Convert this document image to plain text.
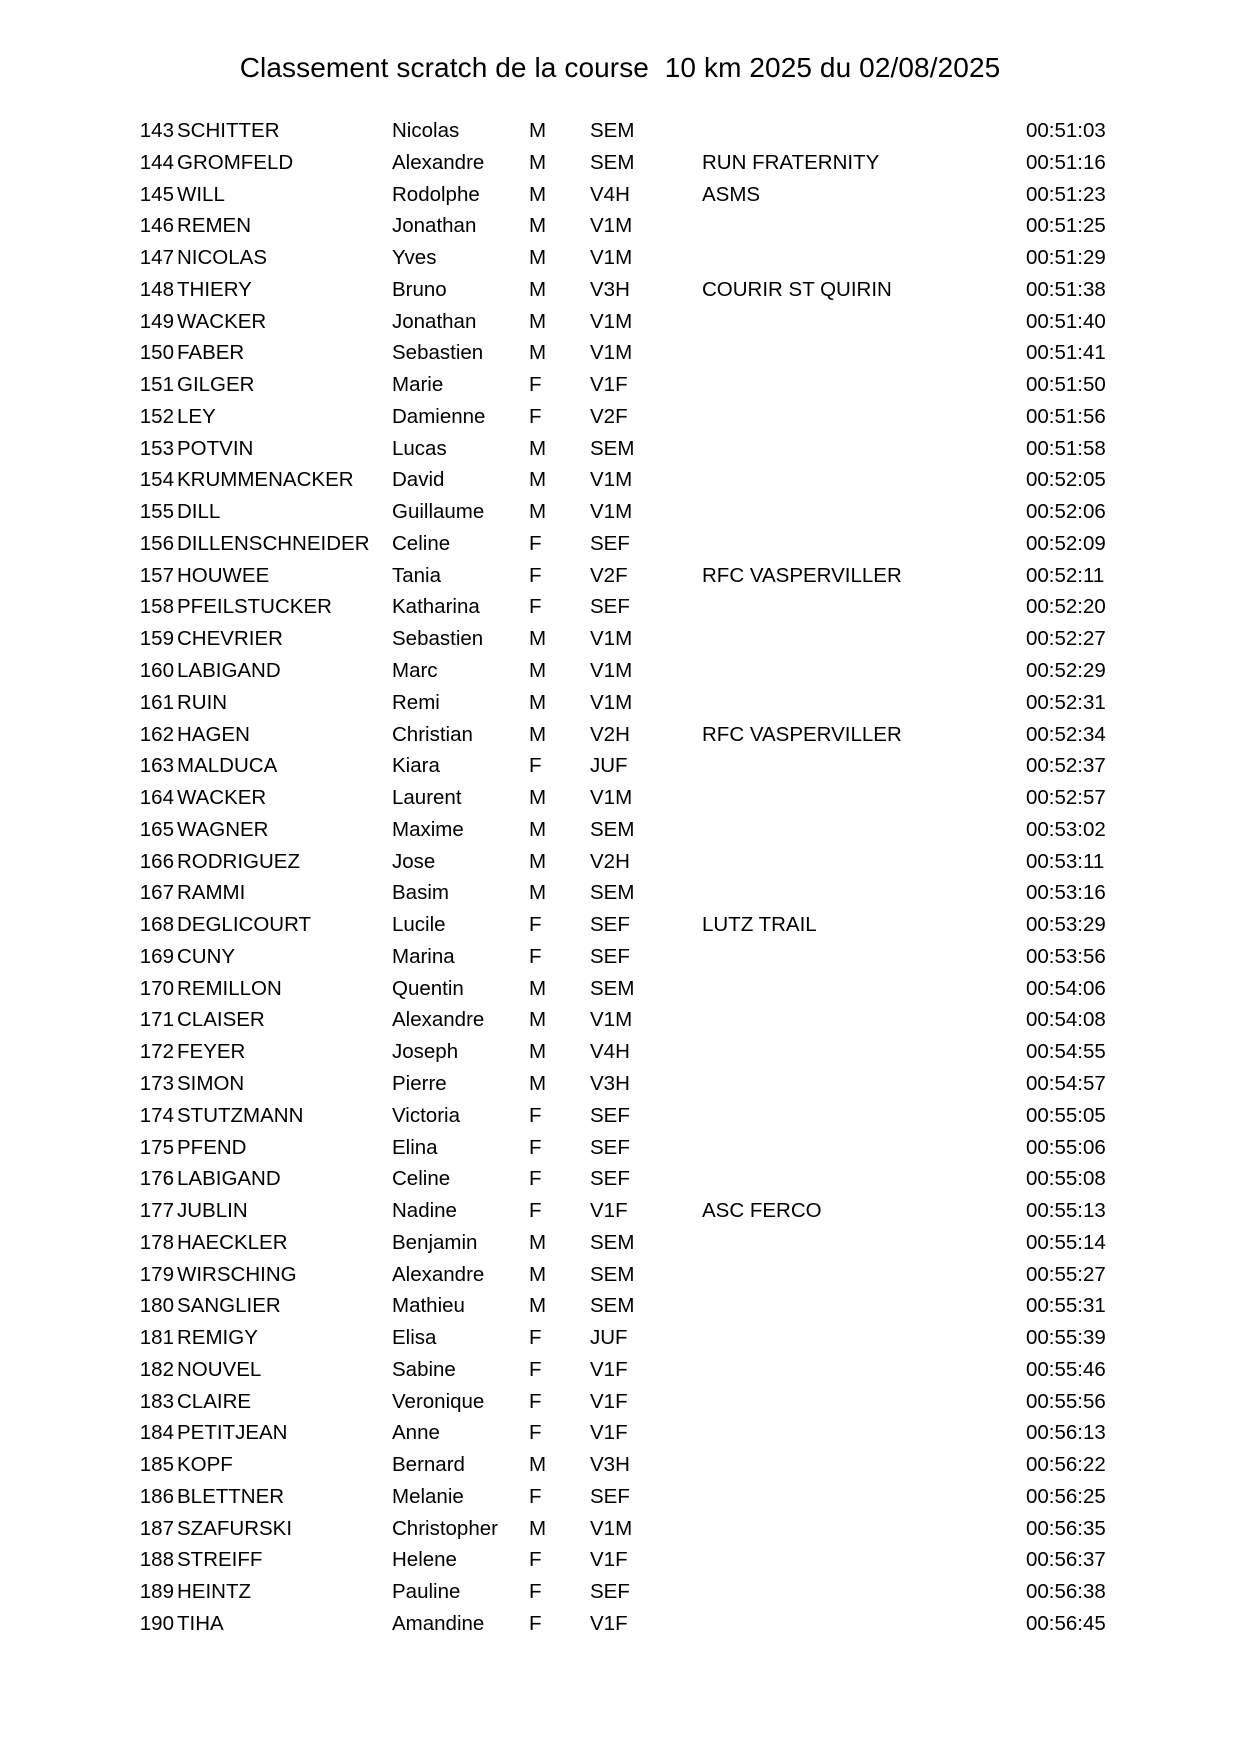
Classement scratch de la course  10 km 2025 du 02/08/2025
143 SCHITTER	Nicolas	M SEM	00:51:03
144 GROMFELD	Alexandre M SEM	RUN FRATERNITY	00:51:16
145 WILL	Rodolphe M V4H	ASMS	00:51:23
146 REMEN	Jonathan	M V1M	00:51:25
147 NICOLAS	Yves	M V1M	00:51:29
148 THIERY	Bruno	M V3H	COURIR ST QUIRIN	00:51:38
149 WACKER	Jonathan	M V1M	00:51:40
150 FABER	Sebastien M V1M	00:51:41
151 GILGER	Marie	F V1F	00:51:50
152 LEY	Damienne F V2F	00:51:56
153 POTVIN	Lucas	M SEM	00:51:58
154 KRUMMENACKER David	M V1M	00:52:05
155 DILL	Guillaume M V1M	00:52:06
156 DILLENSCHNEIDER Celine	F SEF	00:52:09
157 HOUWEE	Tania	F V2F	RFC VASPERVILLER	00:52:11
158 PFEILSTUCKER	Katharina F SEF	00:52:20
159 CHEVRIER	Sebastien M V1M	00:52:27
160 LABIGAND	Marc	M V1M	00:52:29
161 RUIN	Remi	M V1M	00:52:31
162 HAGEN	Christian	M V2H	RFC VASPERVILLER	00:52:34
163 MALDUCA	Kiara	F JUF	00:52:37
164 WACKER	Laurent	M V1M	00:52:57
165 WAGNER	Maxime	M SEM	00:53:02
166 RODRIGUEZ	Jose	M V2H	00:53:11
167 RAMMI	Basim	M SEM	00:53:16
168 DEGLICOURT	Lucile	F SEF	LUTZ TRAIL	00:53:29
169 CUNY	Marina	F SEF	00:53:56
170 REMILLON	Quentin	M SEM	00:54:06
171 CLAISER	Alexandre M V1M	00:54:08
172 FEYER	Joseph	M V4H	00:54:55
173 SIMON	Pierre	M V3H	00:54:57
174 STUTZMANN	Victoria	F SEF	00:55:05
175 PFEND	Elina	F SEF	00:55:06
176 LABIGAND	Celine	F SEF	00:55:08
177 JUBLIN	Nadine	F V1F	ASC FERCO	00:55:13
178 HAECKLER	Benjamin	M SEM	00:55:14
179 WIRSCHING	Alexandre M SEM	00:55:27
180 SANGLIER	Mathieu	M SEM	00:55:31
181 REMIGY	Elisa	F JUF	00:55:39
182 NOUVEL	Sabine	F V1F	00:55:46
183 CLAIRE	Veronique F V1F	00:55:56
184 PETITJEAN	Anne	F V1F	00:56:13
185 KOPF	Bernard	M V3H	00:56:22
186 BLETTNER	Melanie	F SEF	00:56:25
187 SZAFURSKI	Christopher M V1M	00:56:35
188 STREIFF	Helene	F V1F	00:56:37
189 HEINTZ	Pauline	F SEF	00:56:38
190 TIHA	Amandine F V1F	00:56:45
